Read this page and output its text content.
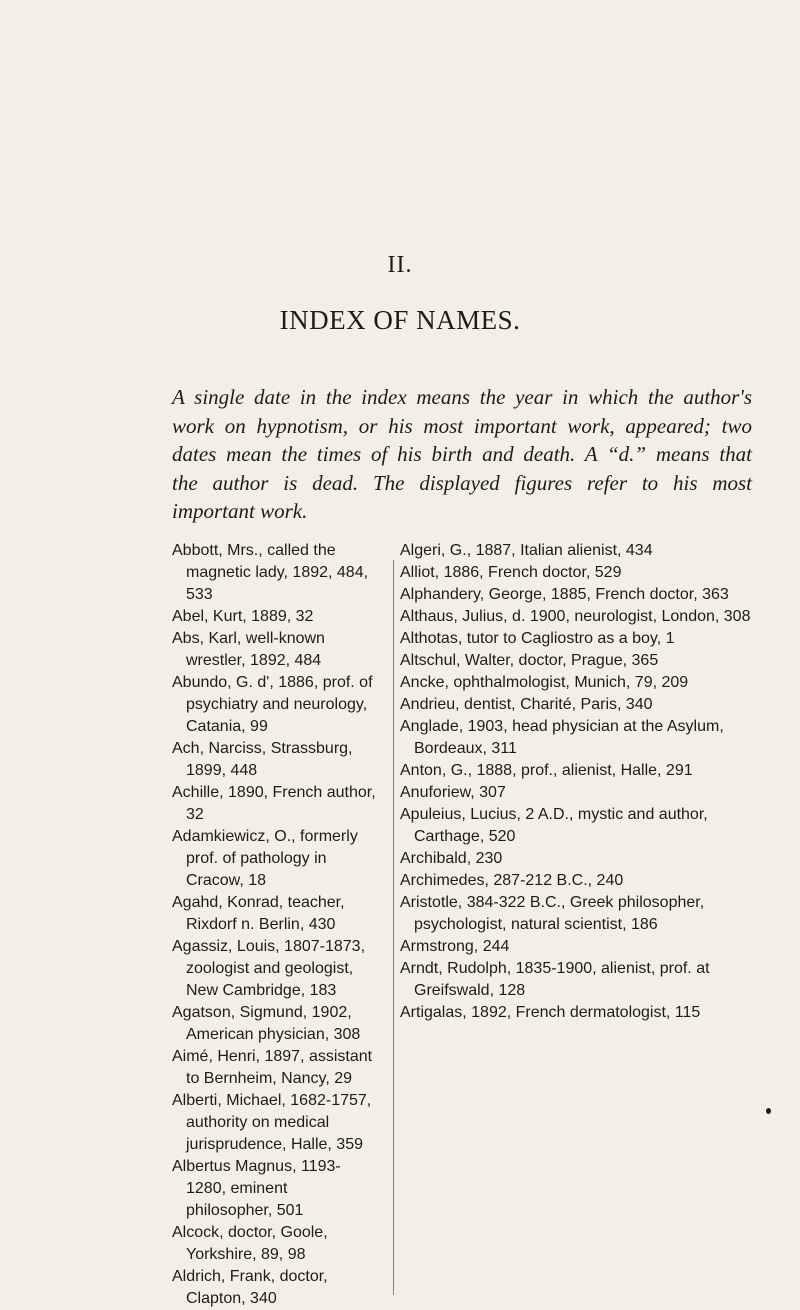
II.
INDEX OF NAMES.

A single date in the index means the year in which the author's
work on hypnotism, or his most important work, appeared; two
dates mean the times of his birth and death. A “d.” means that
the author is dead. The displayed figures refer to his most
important work.

Abbott, Mrs., called the magnetic lady, 1892, 484, 533
Abel, Kurt, 1889, 32
Abs, Karl, well-known wrestler, 1892, 484
Abundo, G. d', 1886, prof. of psychiatry and neurology, Catania, 99
Ach, Narciss, Strassburg, 1899, 448
Achille, 1890, French author, 32
Adamkiewicz, O., formerly prof. of pathology in Cracow, 18
Agahd, Konrad, teacher, Rixdorf n. Berlin, 430
Agassiz, Louis, 1807-1873, zoologist and geologist, New Cambridge, 183
Agatson, Sigmund, 1902, American physician, 308
Aimé, Henri, 1897, assistant to Bernheim, Nancy, 29
Alberti, Michael, 1682-1757, authority on medical jurisprudence, Halle, 359
Albertus Magnus, 1193-1280, eminent philosopher, 501
Alcock, doctor, Goole, Yorkshire, 89, 98
Aldrich, Frank, doctor, Clapton, 340
Algeri, G., 1887, Italian alienist, 434
Alliot, 1886, French doctor, 529
Alphandery, George, 1885, French doctor, 363
Althaus, Julius, d. 1900, neurologist, London, 308
Althotas, tutor to Cagliostro as a boy, 1
Altschul, Walter, doctor, Prague, 365
Ancke, ophthalmologist, Munich, 79, 209
Andrieu, dentist, Charité, Paris, 340
Anglade, 1903, head physician at the Asylum, Bordeaux, 311
Anton, G., 1888, prof., alienist, Halle, 291
Anuforiew, 307
Apuleius, Lucius, 2 A.D., mystic and author, Carthage, 520
Archibald, 230
Archimedes, 287-212 B.C., 240
Aristotle, 384-322 B.C., Greek philosopher, psychologist, natural scientist, 186
Armstrong, 244
Arndt, Rudolph, 1835-1900, alienist, prof. at Greifswald, 128
Artigalas, 1892, French dermatologist, 115
